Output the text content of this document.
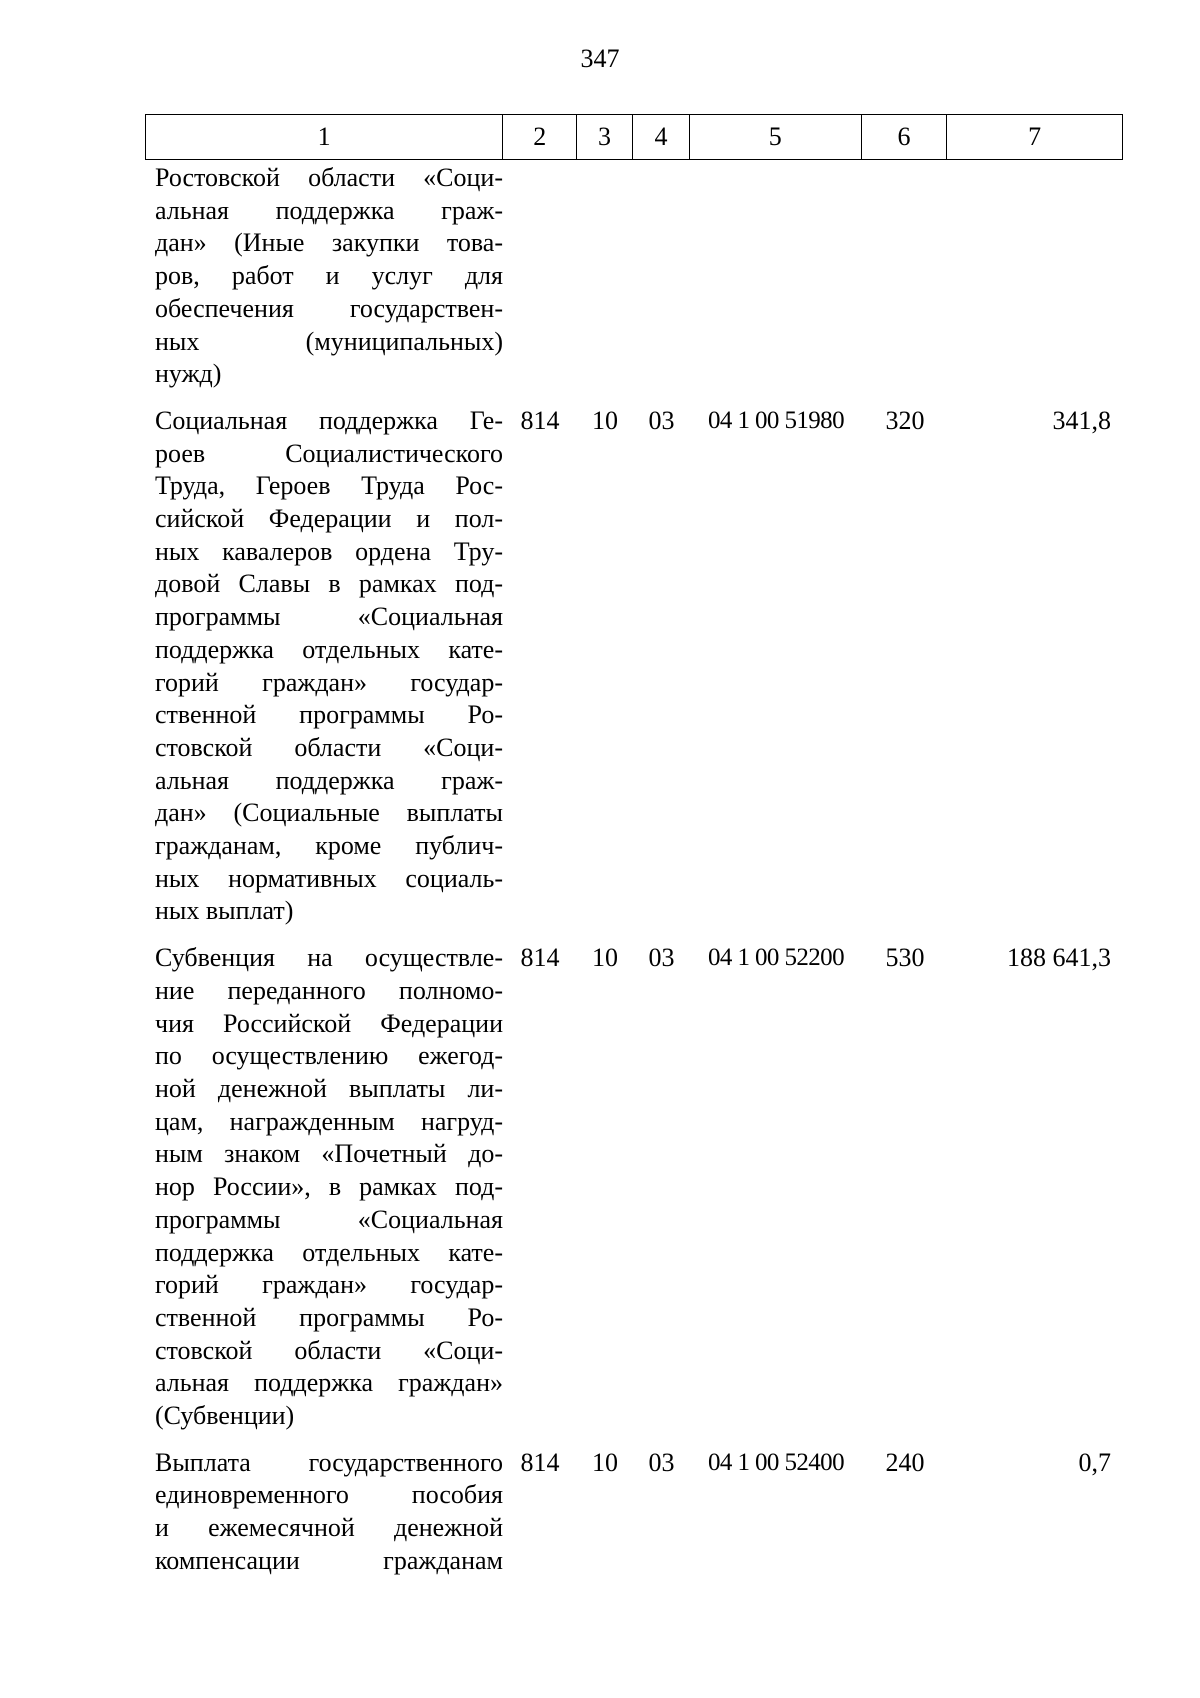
347
1	2	3	4	5	6	7
Ростовской области «Соци-
альная поддержка граж-
дан» (Иные закупки това-
ров, работ и услуг для
обеспечения государствен-
ных (муниципальных)
нужд)
Социальная поддержка Ге-
роев Социалистического
Труда, Героев Труда Рос-
сийской Федерации и пол-
ных кавалеров ордена Тру-
довой Славы в рамках под-
программы «Социальная
поддержка отдельных кате-
горий граждан» государ-
ственной программы Ро-
стовской области «Соци-
альная поддержка граж-
дан» (Социальные выплаты
гражданам, кроме публич-
ных нормативных социаль-
ных выплат)
814	10	03	04 1 00 51980	320	341,8
Субвенция на осуществле-
ние переданного полномо-
чия Российской Федерации
по осуществлению ежегод-
ной денежной выплаты ли-
цам, награжденным нагруд-
ным знаком «Почетный до-
нор России», в рамках под-
программы «Социальная
поддержка отдельных кате-
горий граждан» государ-
ственной программы Ро-
стовской области «Соци-
альная поддержка граждан»
(Субвенции)
814	10	03	04 1 00 52200	530	188 641,3
Выплата государственного
единовременного пособия
и ежемесячной денежной
компенсации гражданам
814	10	03	04 1 00 52400	240	0,7
